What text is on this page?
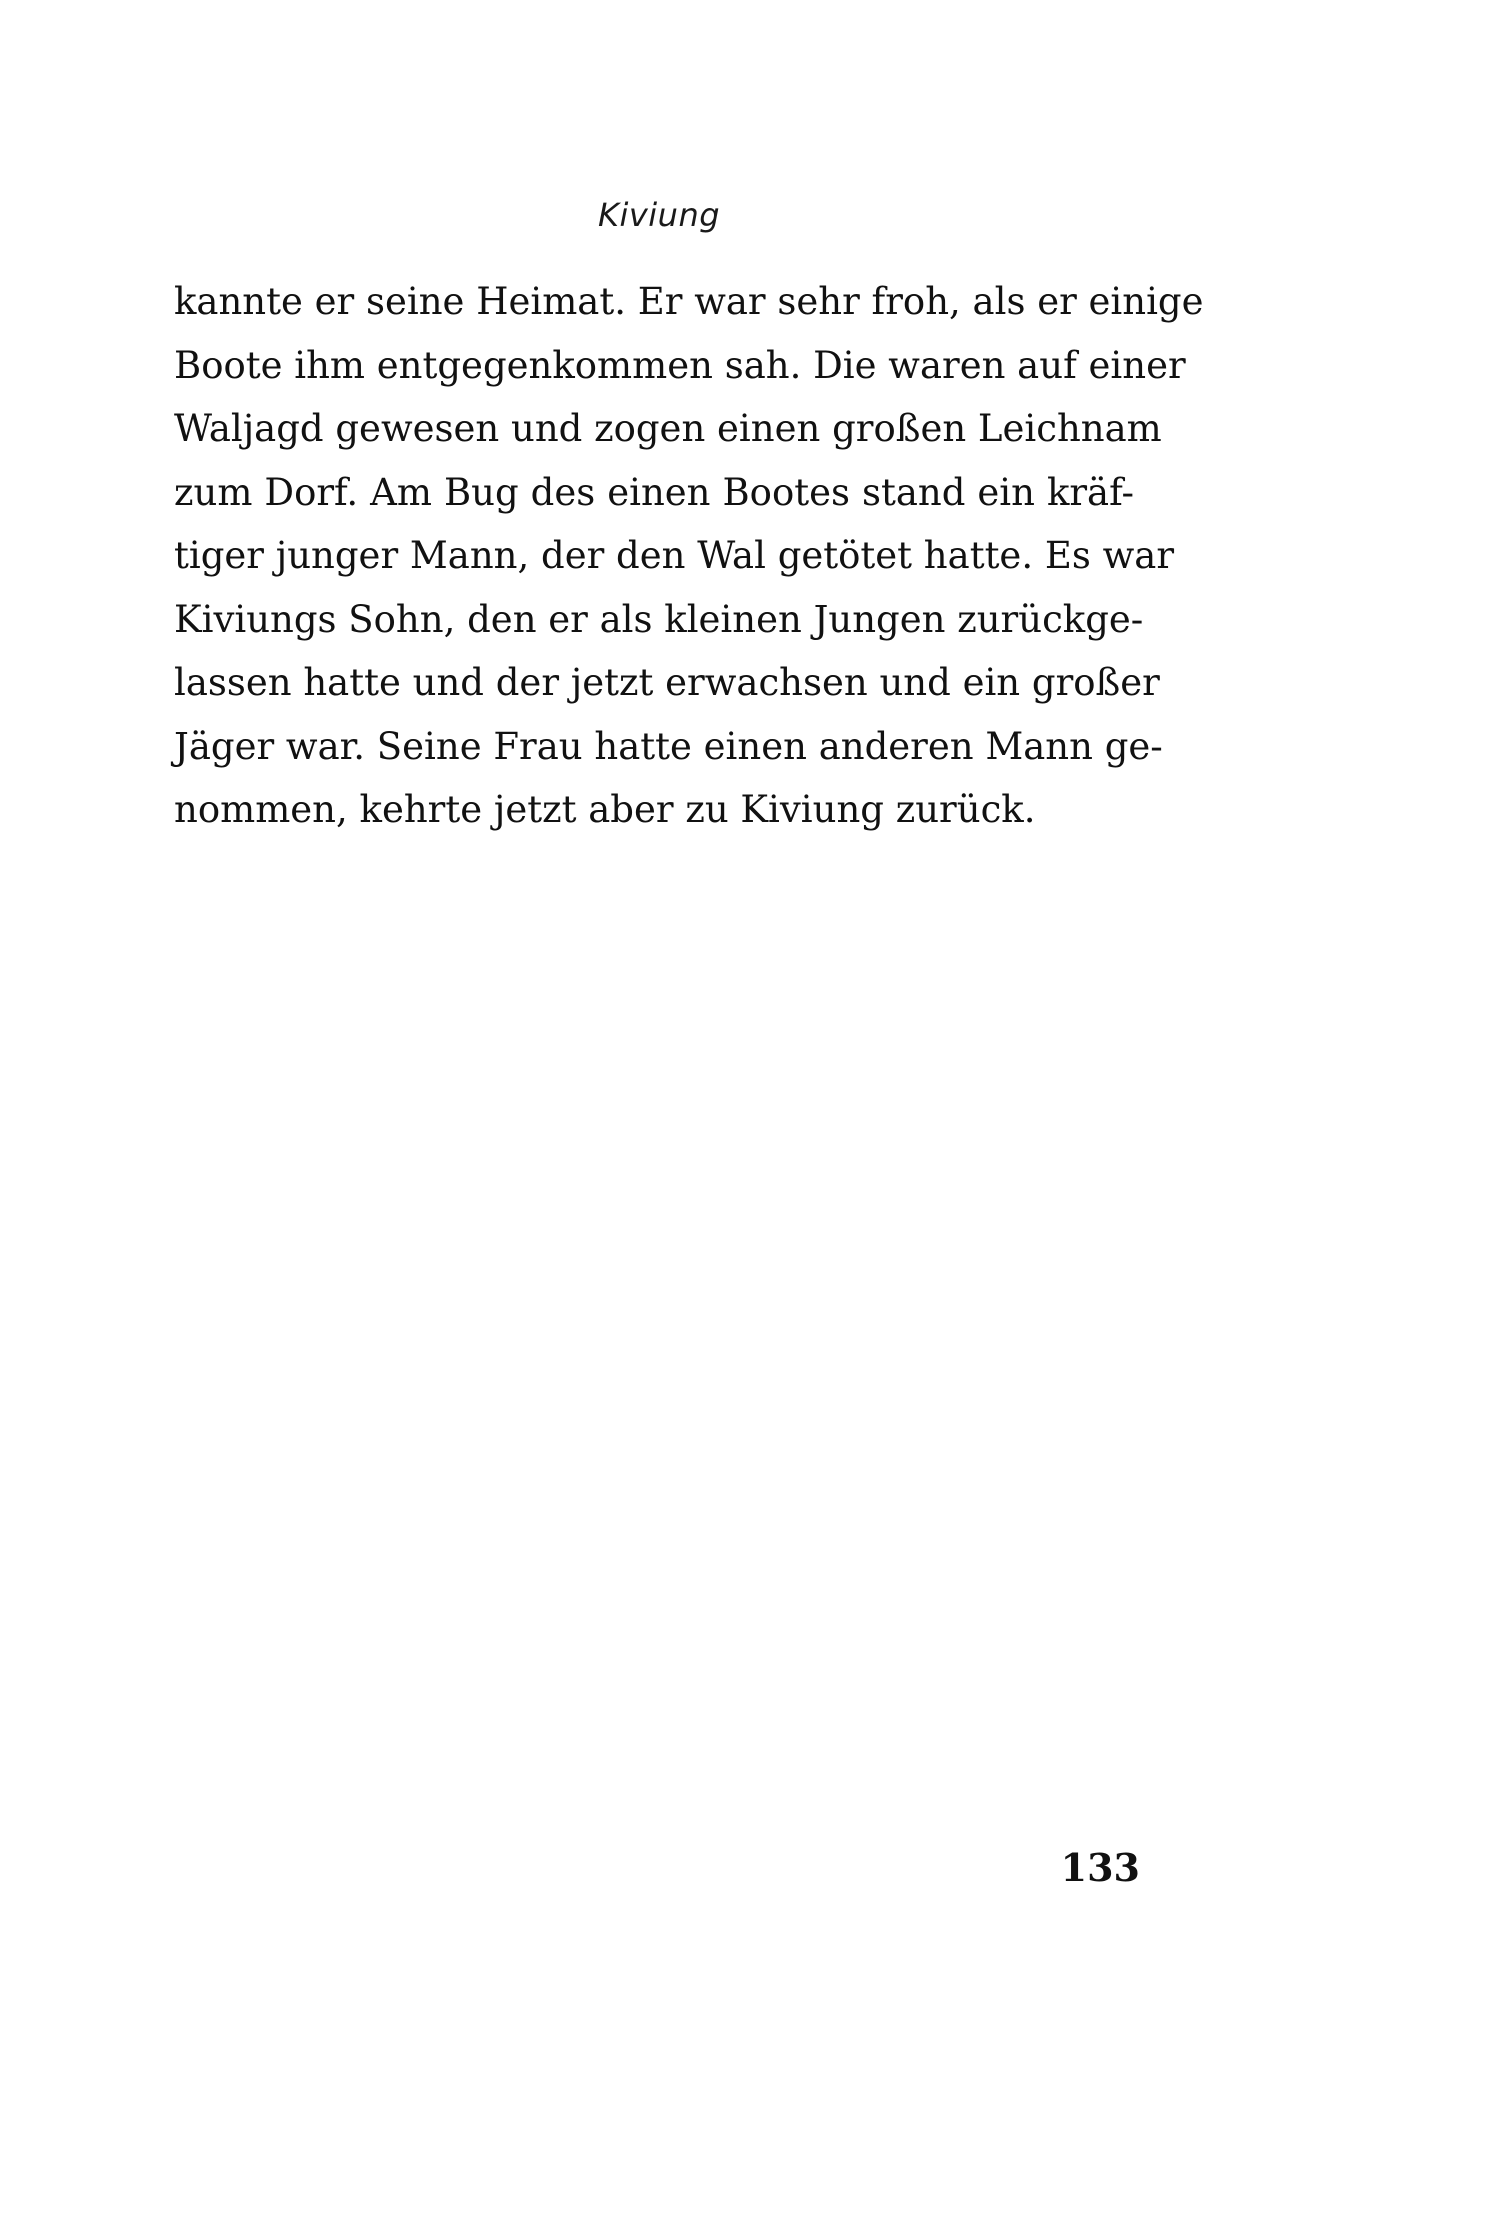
Kiviung
kannte er seine Heimat. Er war sehr froh, als er einige
Boote ihm entgegenkommen sah. Die waren auf einer
Waljagd gewesen und zogen einen großen Leichnam
zum Dorf. Am Bug des einen Bootes stand ein kräf-
tiger junger Mann, der den Wal getötet hatte. Es war
Kiviungs Sohn, den er als kleinen Jungen zurückge-
lassen hatte und der jetzt erwachsen und ein großer
Jäger war. Seine Frau hatte einen anderen Mann ge-
nommen, kehrte jetzt aber zu Kiviung zurück.
133
